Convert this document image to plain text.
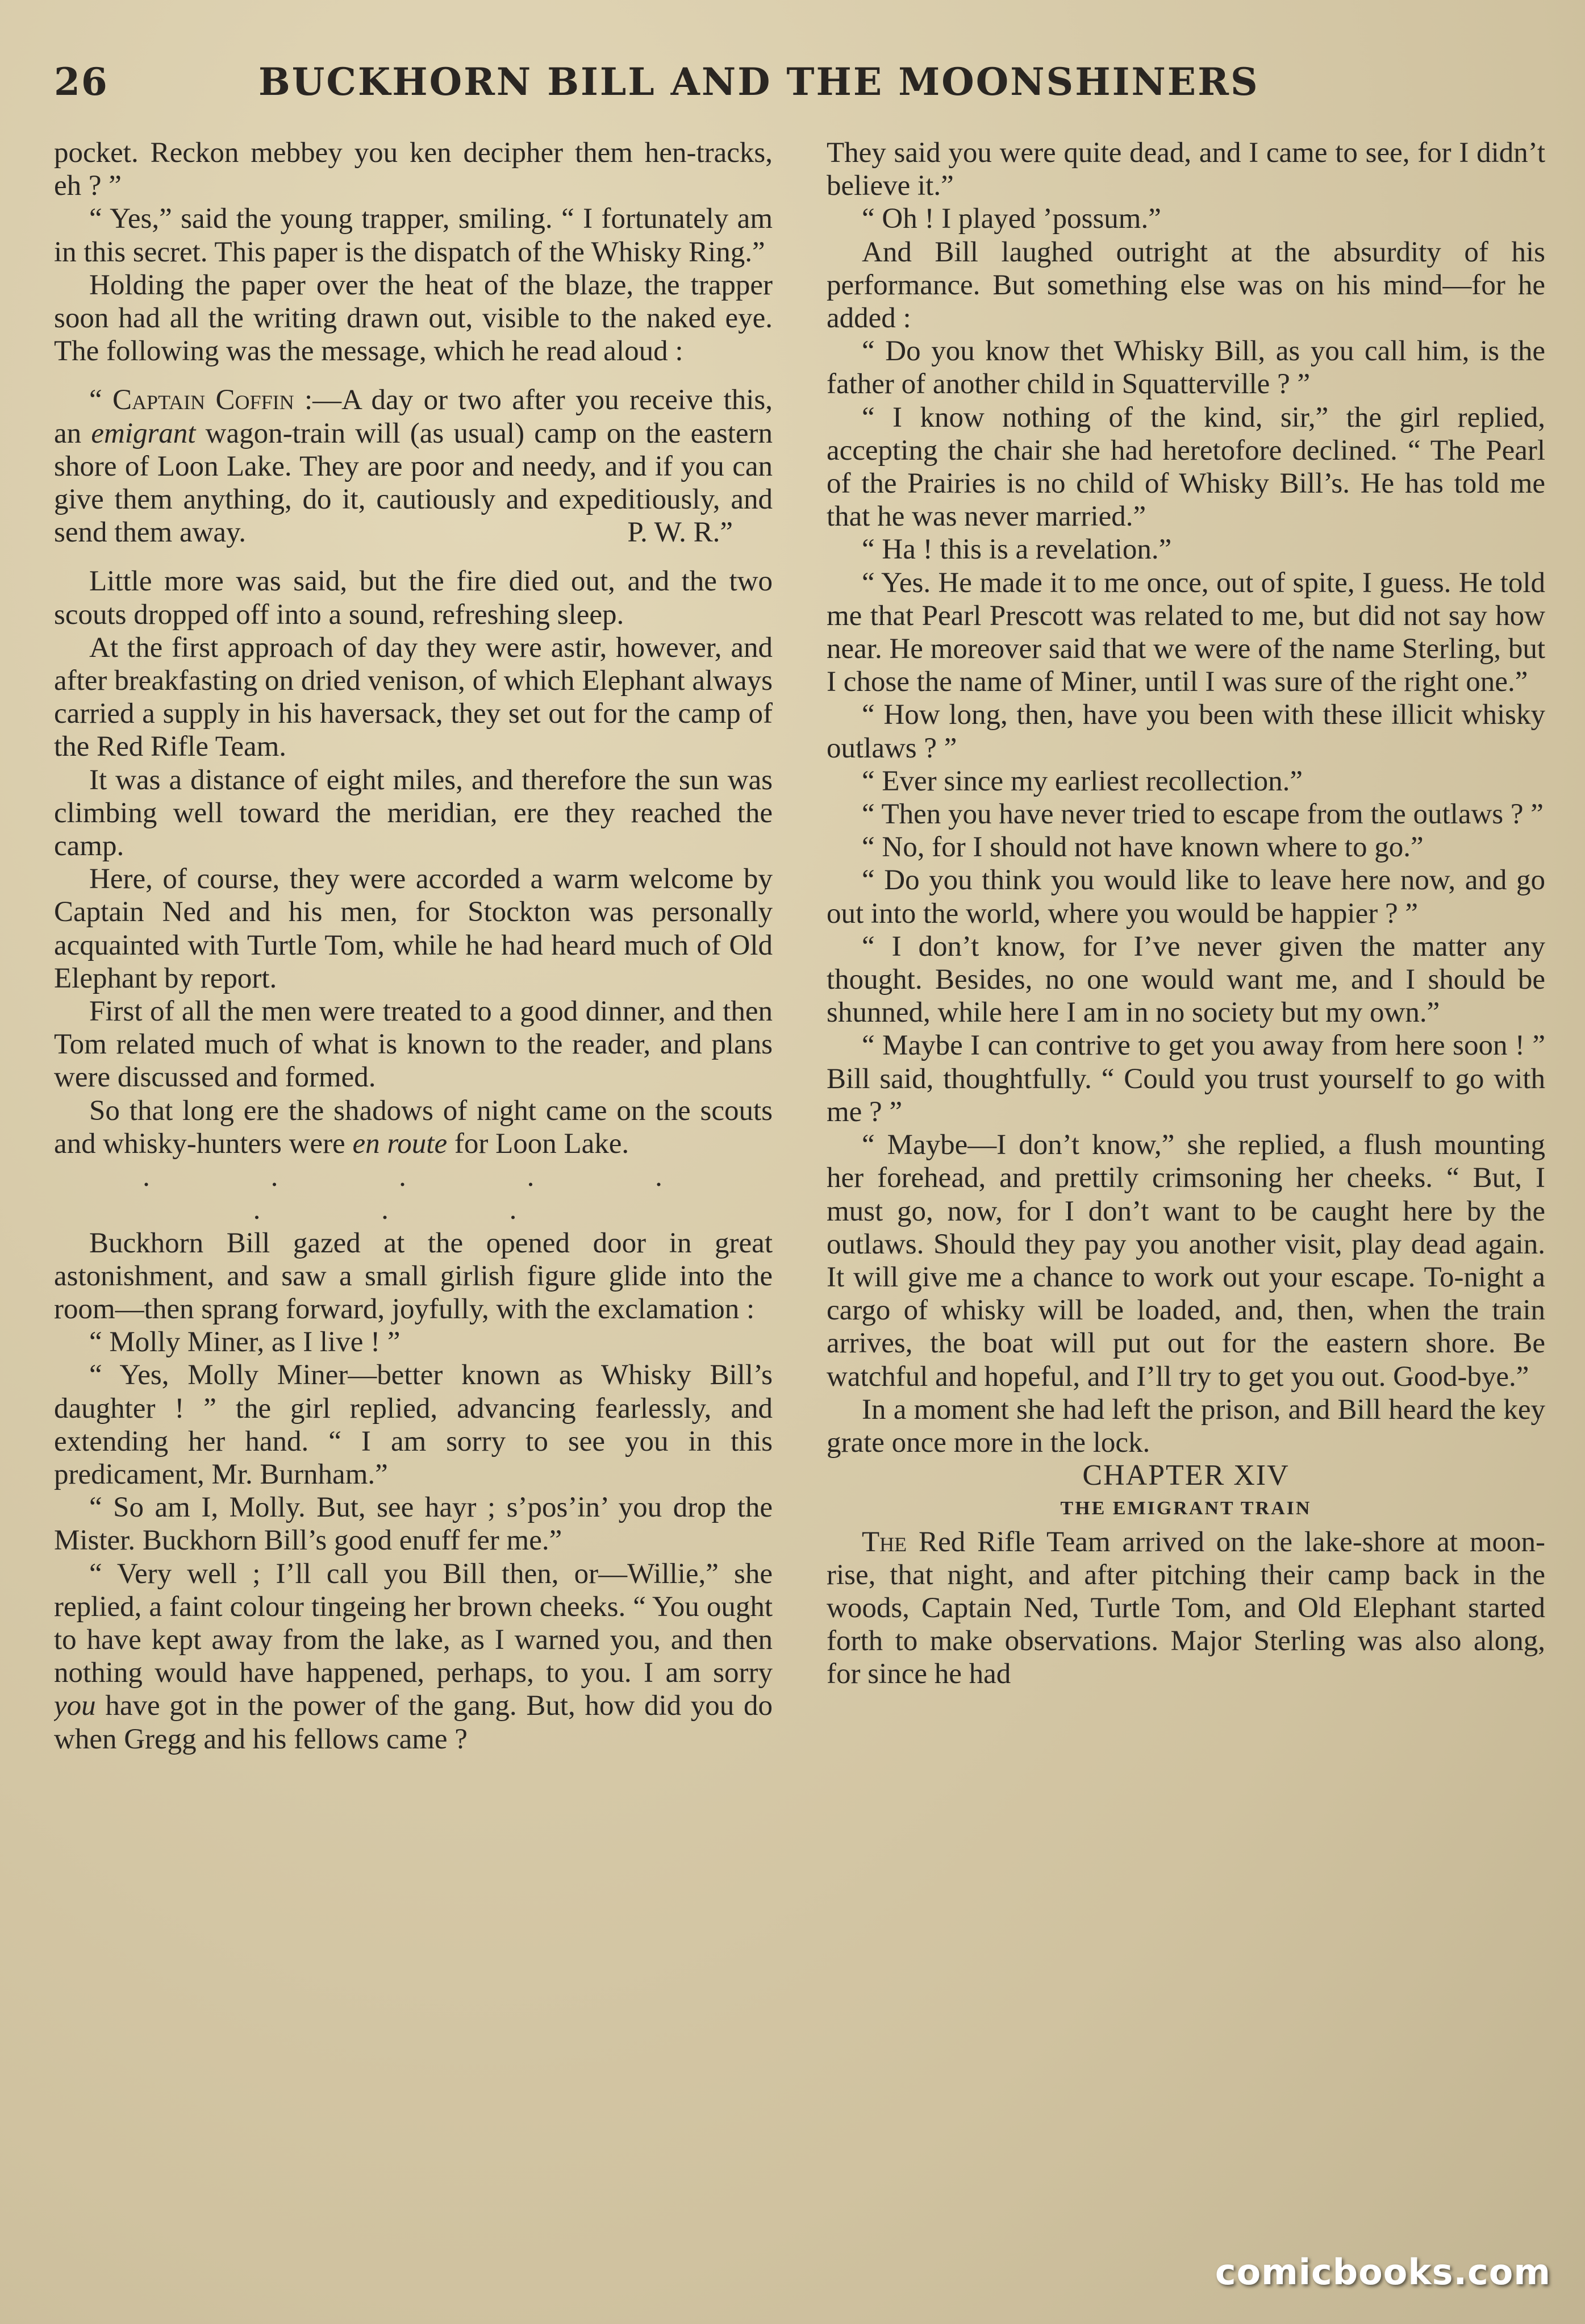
26	BUCKHORN BILL AND THE MOONSHINERS

pocket. Reckon mebbey you ken decipher them hen-tracks, eh ? ”

“ Yes,” said the young trapper, smiling. “ I fortunately am in this secret. This paper is the dispatch of the Whisky Ring.”

Holding the paper over the heat of the blaze, the trapper soon had all the writing drawn out, visible to the naked eye. The following was the message, which he read aloud :

“ Captain Coffin :—A day or two after you receive this, an emigrant wagon-train will (as usual) camp on the eastern shore of Loon Lake. They are poor and needy, and if you can give them anything, do it, cautiously and expeditiously, and send them away.	P. W. R.”

Little more was said, but the fire died out, and the two scouts dropped off into a sound, refreshing sleep.

At the first approach of day they were astir, however, and after breakfasting on dried venison, of which Elephant always carried a supply in his haversack, they set out for the camp of the Red Rifle Team.

It was a distance of eight miles, and therefore the sun was climbing well toward the meridian, ere they reached the camp.

Here, of course, they were accorded a warm welcome by Captain Ned and his men, for Stockton was personally acquainted with Turtle Tom, while he had heard much of Old Elephant by report.

First of all the men were treated to a good dinner, and then Tom related much of what is known to the reader, and plans were discussed and formed.

So that long ere the shadows of night came on the scouts and whisky-hunters were en route for Loon Lake.

. . . . . . . .

Buckhorn Bill gazed at the opened door in great astonishment, and saw a small girlish figure glide into the room—then sprang forward, joyfully, with the exclamation :

“ Molly Miner, as I live ! ”

“ Yes, Molly Miner—better known as Whisky Bill’s daughter ! ” the girl replied, advancing fearlessly, and extending her hand. “ I am sorry to see you in this predicament, Mr. Burnham.”

“ So am I, Molly. But, see hayr ; s’pos’in’ you drop the Mister. Buckhorn Bill’s good enuff fer me.”

“ Very well ; I’ll call you Bill then, or—Willie,” she replied, a faint colour tingeing her brown cheeks. “ You ought to have kept away from the lake, as I warned you, and then nothing would have happened, perhaps, to you. I am sorry you have got in the power of the gang. But, how did you do when Gregg and his fellows came ?

They said you were quite dead, and I came to see, for I didn’t believe it.”

“ Oh ! I played ’possum.”

And Bill laughed outright at the absurdity of his performance. But something else was on his mind—for he added :

“ Do you know thet Whisky Bill, as you call him, is the father of another child in Squatterville ? ”

“ I know nothing of the kind, sir,” the girl replied, accepting the chair she had heretofore declined. “ The Pearl of the Prairies is no child of Whisky Bill’s. He has told me that he was never married.”

“ Ha ! this is a revelation.”

“ Yes. He made it to me once, out of spite, I guess. He told me that Pearl Prescott was related to me, but did not say how near. He moreover said that we were of the name Sterling, but I chose the name of Miner, until I was sure of the right one.”

“ How long, then, have you been with these illicit whisky outlaws ? ”

“ Ever since my earliest recollection.”

“ Then you have never tried to escape from the outlaws ? ”

“ No, for I should not have known where to go.”

“ Do you think you would like to leave here now, and go out into the world, where you would be happier ? ”

“ I don’t know, for I’ve never given the matter any thought. Besides, no one would want me, and I should be shunned, while here I am in no society but my own.”

“ Maybe I can contrive to get you away from here soon ! ” Bill said, thoughtfully. “ Could you trust yourself to go with me ? ”

“ Maybe—I don’t know,” she replied, a flush mounting her forehead, and prettily crimsoning her cheeks. “ But, I must go, now, for I don’t want to be caught here by the outlaws. Should they pay you another visit, play dead again. It will give me a chance to work out your escape. To-night a cargo of whisky will be loaded, and, then, when the train arrives, the boat will put out for the eastern shore. Be watchful and hopeful, and I’ll try to get you out. Good-bye.”

In a moment she had left the prison, and Bill heard the key grate once more in the lock.

CHAPTER XIV

THE EMIGRANT TRAIN

The Red Rifle Team arrived on the lake-shore at moon-rise, that night, and after pitching their camp back in the woods, Captain Ned, Turtle Tom, and Old Elephant started forth to make observations. Major Sterling was also along, for since he had

comicbooks.com
